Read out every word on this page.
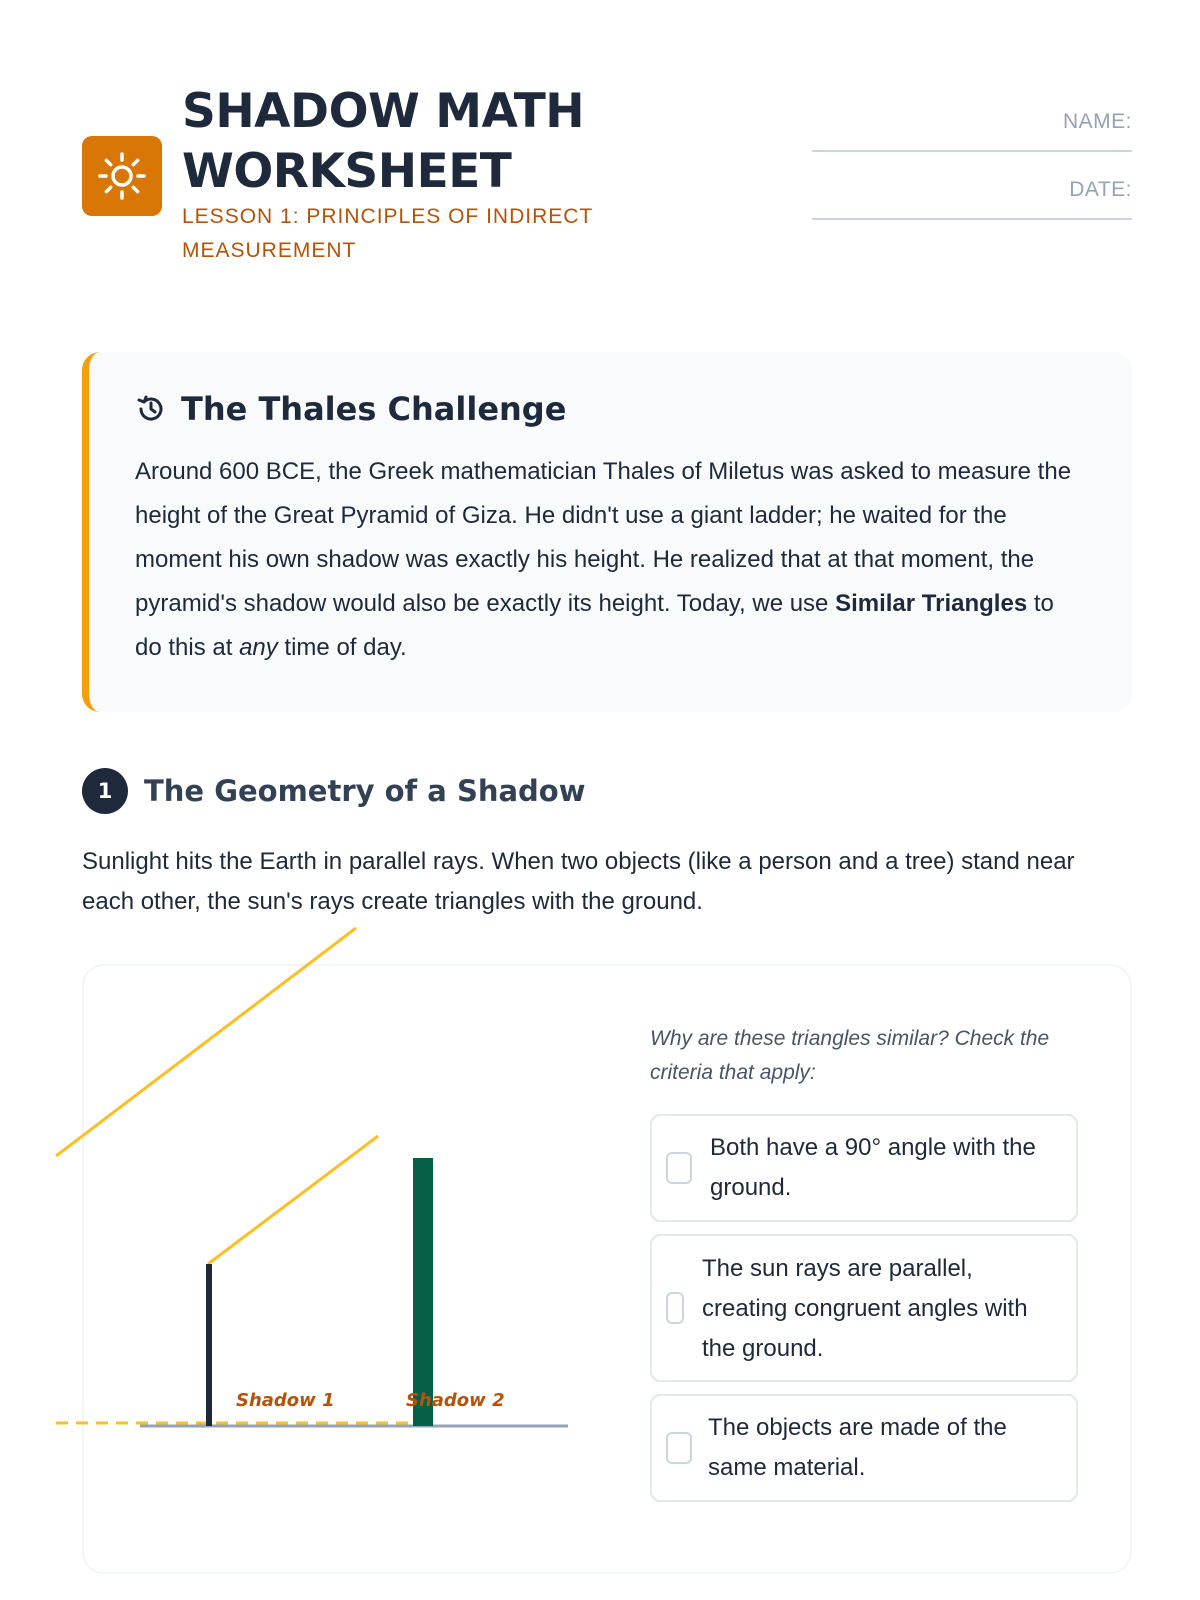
SHADOW MATH
WORKSHEET
LESSON 1: PRINCIPLES OF INDIRECT MEASUREMENT
NAME:
DATE:
The Thales Challenge

Around 600 BCE, the Greek mathematician Thales of Miletus was asked to measure the height of the Great Pyramid of Giza. He didn't use a giant ladder; he waited for the moment his own shadow was exactly his height. He realized that at that moment, the pyramid's shadow would also be exactly its height. Today, we use Similar Triangles to do this at any time of day.

1	The Geometry of a Shadow

Sunlight hits the Earth in parallel rays. When two objects (like a person and a tree) stand near each other, the sun's rays create triangles with the ground.

Shadow 1	Shadow 2

Why are these triangles similar? Check the criteria that apply:

Both have a 90° angle with the ground.
The sun rays are parallel, creating congruent angles with the ground.
The objects are made of the same material.
